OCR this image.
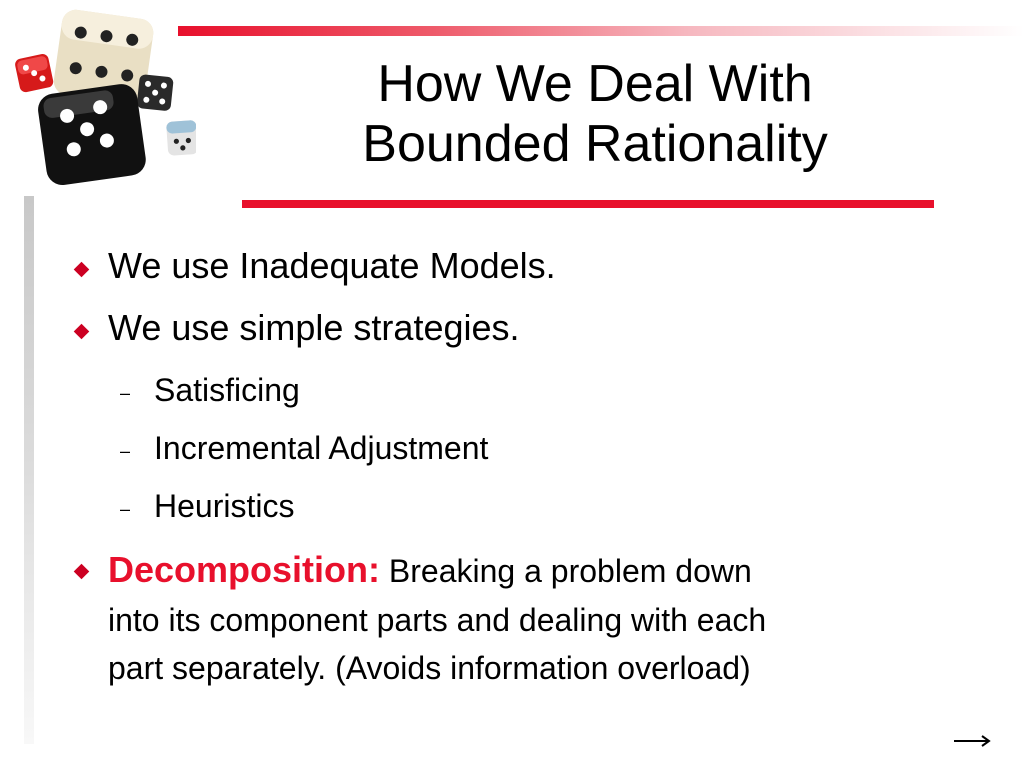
How We Deal With
Bounded Rationality
We use Inadequate Models.
We use simple strategies.
– Satisficing
– Incremental Adjustment
– Heuristics
Decomposition: Breaking a problem down
into its component parts and dealing with each
part separately. (Avoids information overload)
